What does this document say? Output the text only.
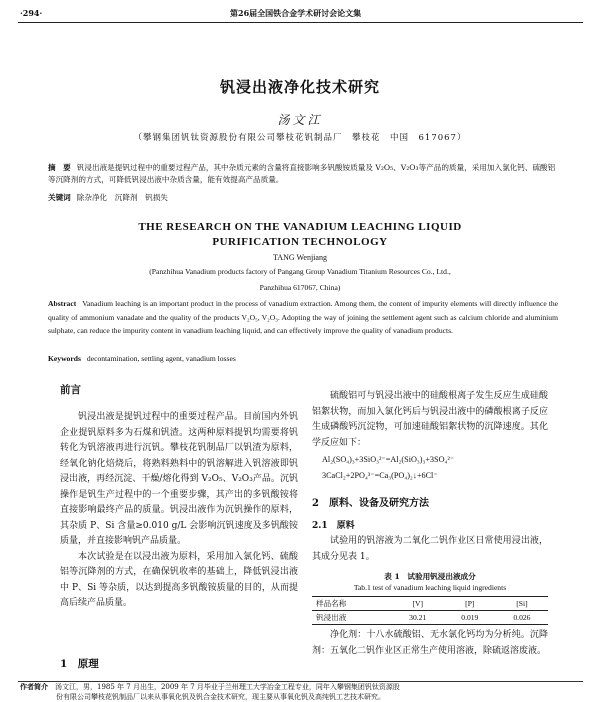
·294·	第26届全国铁合金学术研讨会论文集
钒浸出液净化技术研究
汤文江
（攀钢集团钒钛资源股份有限公司攀枝花钒制品厂　攀枝花　中国　617067）
摘　要 钒浸出液是提钒过程中的重要过程产品，其中杂质元素的含量将直接影响多钒酸铵质量及 V₂O₅、V₂O₃等产品的质量，采用加入氯化钙、硫酸铝等沉降剂的方式，可降低钒浸出液中杂质含量，能有效提高产品质量。
关键词 除杂净化　沉降剂　钒损失
THE RESEARCH ON THE VANADIUM LEACHING LIQUID
PURIFICATION TECHNOLOGY
TANG Wenjiang
(Panzhihua Vanadium products factory of Pangang Group Vanadium Titanium Resources Co., Ltd.,
Panzhihua 617067, China)
Abstract Vanadium leaching is an important product in the process of vanadium extraction. Among them, the content of impurity elements will directly influence the quality of ammonium vanadate and the quality of the products V₂O₅, V₂O₃. Adopting the way of joining the settlement agent such as calcium chloride and aluminium sulphate, can reduce the impurity content in vanadium leaching liquid, and can effectively improve the quality of vanadium products.
Keywords decontamination, settling agent, vanadium losses
前言

钒浸出液是提钒过程中的重要过程产品。目前国内外钒企业提钒原料多为石煤和钒渣。这两种原料提钒均需要将钒转化为钒溶液再进行沉钒。攀枝花钒制品厂以钒渣为原料，经氧化钠化焙烧后，将熟料熟料中的钒溶解进入钒溶液即钒浸出液，再经沉淀、干燥/熔化得到 V₂O₅、V₂O₃产品。沉钒操作是钒生产过程中的一个重要步骤，其产出的多钒酸铵将直接影响最终产品的质量。钒浸出液作为沉钒操作的原料，其杂质 P、Si 含量≥0.010 g/L 会影响沉钒速度及多钒酸铵质量，并直接影响钒产品质量。

本次试验是在以浸出液为原料，采用加入氯化钙、硫酸铝等沉降剂的方式，在确保钒收率的基础上，降低钒浸出液中 P、Si 等杂质，以达到提高多钒酸铵质量的目的，从而提高后续产品质量。

1　原理

硫酸铝可与钒浸出液中的硅酸根离子发生反应生成硅酸铝絮状物，而加入氯化钙后与钒浸出液中的磷酸根离子反应生成磷酸钙沉淀物，可加速硅酸铝絮状物的沉降速度。其化学反应如下：

Al₂(SO₄)₃+3SiO₃²⁻=Al₂(SiO₃)₃+3SO₄²⁻
3CaCl₂+2PO₄³⁻=Ca₃(PO₄)₂↓+6Cl⁻
2　原料、设备及研究方法
2.1　原料

试验用的钒溶液为二氧化二钒作业区日常使用浸出液，其成分见表 1。

表 1　试验用钒浸出液成分
Tab.1 test of vanadium leaching liquid ingredients
样品名称	[V]	[P]	[Si]
钒浸出液	30.21	0.019	0.026

净化剂：十八水硫酸铝、无水氯化钙均为分析纯。沉降剂：五氧化二钒作业区正常生产使用溶液，除硫返溶废液。

作者简介　 汤文江，男，1985 年 7 月出生，2009 年 7 月毕业于兰州理工大学冶金工程专业，同年入攀钢集团钒钛资源股
份有限公司攀枝花钒制品厂以来从事氧化钒及钒合金技术研究，现主要从事氧化钒及高纯钒工艺技术研究。
